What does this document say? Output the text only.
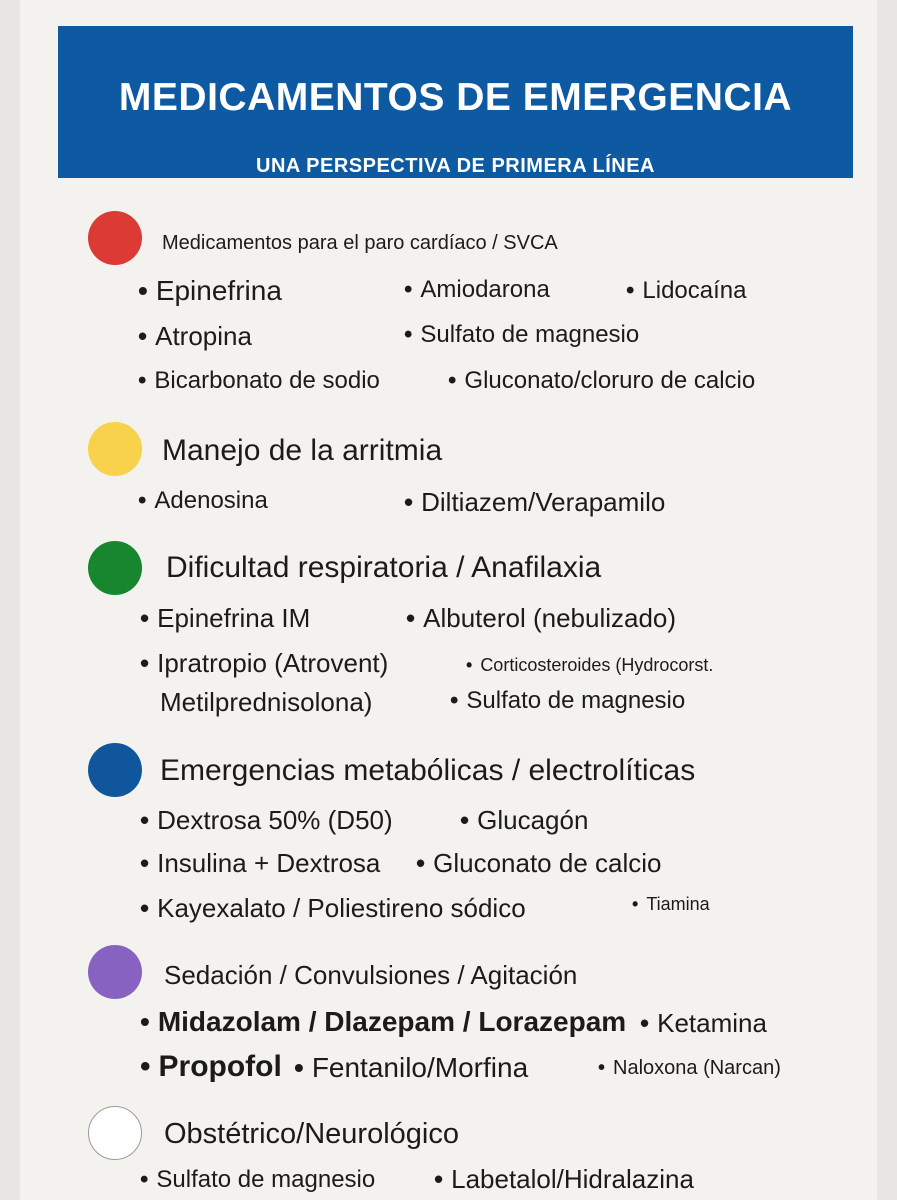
MEDICAMENTOS DE EMERGENCIA
UNA PERSPECTIVA DE PRIMERA LÍNEA
Medicamentos para el paro cardíaco / SVCA
• Epinefrina	• Amiodarona	• Lidocaína
• Atropina	• Sulfato de magnesio
• Bicarbonato de sodio	• Gluconato/cloruro de calcio
Manejo de la arritmia
• Adenosina	• Diltiazem/Verapamilo
Dificultad respiratoria / Anafilaxia
• Epinefrina IM	• Albuterol (nebulizado)
• Ipratropio (Atrovent)	• Corticosteroides (Hydrocorst.
Metilprednisolona)	• Sulfato de magnesio
Emergencias metabólicas / electrolíticas
• Dextrosa 50% (D50)	• Glucagón
• Insulina + Dextrosa • Gluconato de calcio
• Kayexalato / Poliestireno sódico	• Tiamina
Sedación / Convulsiones / Agitación
• Midazolam / Dlazepam / Lorazepam • Ketamina
• Propofol • Fentanilo/Morfina	• Naloxona (Narcan)
Obstétrico/Neurológico
• Sulfato de magnesio • Labetalol/Hidralazina
